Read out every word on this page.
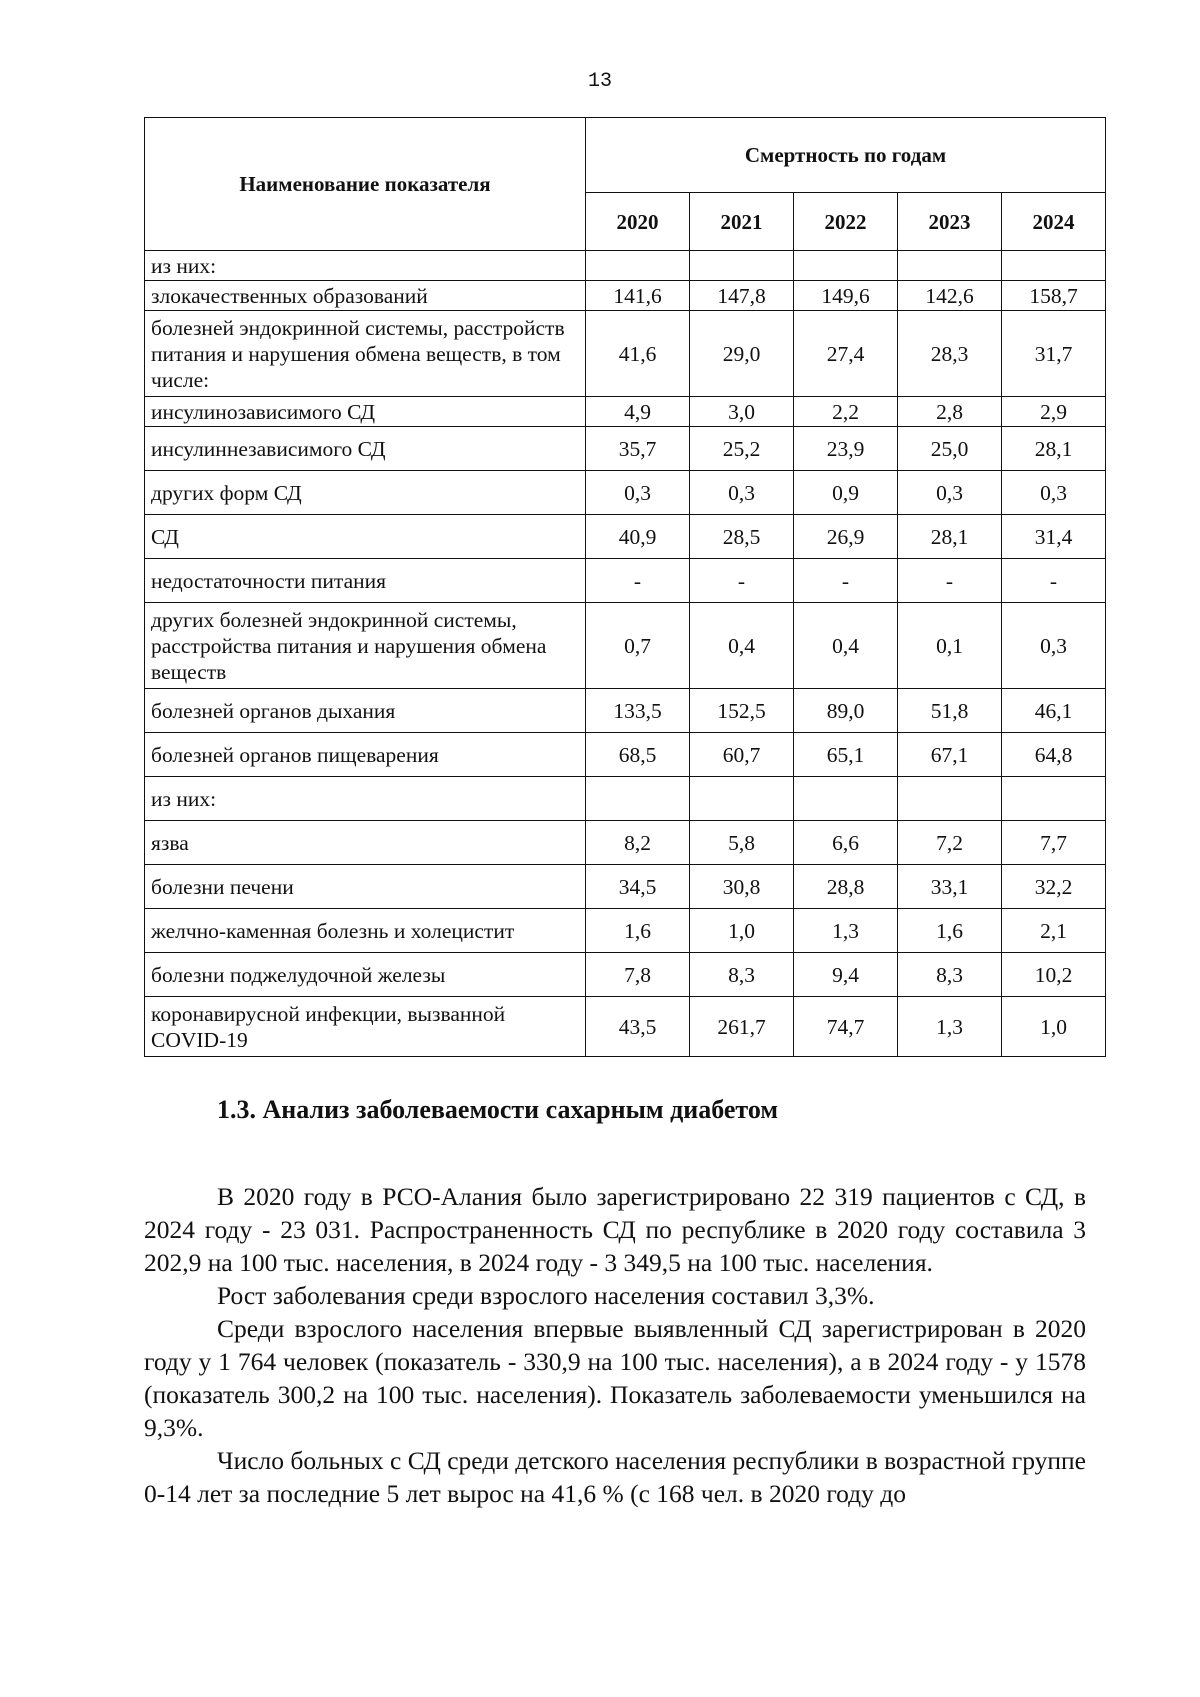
13
Наименование показателя	Смертность по годам				
	2020	2021	2022	2023	2024
из них:					
злокачественных образований	141,6	147,8	149,6	142,6	158,7
болезней эндокринной системы, расстройств питания и нарушения обмена веществ, в том числе:	41,6	29,0	27,4	28,3	31,7
инсулинозависимого СД	4,9	3,0	2,2	2,8	2,9
инсулиннезависимого СД	35,7	25,2	23,9	25,0	28,1
других форм СД	0,3	0,3	0,9	0,3	0,3
СД	40,9	28,5	26,9	28,1	31,4
недостаточности питания	-	-	-	-	-
других болезней эндокринной системы, расстройства питания и нарушения обмена веществ	0,7	0,4	0,4	0,1	0,3
болезней органов дыхания	133,5	152,5	89,0	51,8	46,1
болезней органов пищеварения	68,5	60,7	65,1	67,1	64,8
из них:					
язва	8,2	5,8	6,6	7,2	7,7
болезни печени	34,5	30,8	28,8	33,1	32,2
желчно-каменная болезнь и холецистит	1,6	1,0	1,3	1,6	2,1
болезни поджелудочной железы	7,8	8,3	9,4	8,3	10,2
коронавирусной инфекции, вызванной COVID-19	43,5	261,7	74,7	1,3	1,0
1.3. Анализ заболеваемости сахарным диабетом

В 2020 году в РСО-Алания было зарегистрировано 22 319 пациентов с СД, в 2024 году - 23 031. Распространенность СД по республике в 2020 году составила 3 202,9 на 100 тыс. населения, в 2024 году - 3 349,5 на 100 тыс. населения.

Рост заболевания среди взрослого населения составил 3,3%.

Среди взрослого населения впервые выявленный СД зарегистрирован в 2020 году у 1 764 человек (показатель - 330,9 на 100 тыс. населения), а в 2024 году - у 1578 (показатель 300,2 на 100 тыс. населения). Показатель заболеваемости уменьшился на 9,3%.

Число больных с СД среди детского населения республики в возрастной группе 0-14 лет за последние 5 лет вырос на 41,6 % (с 168 чел. в 2020 году до
